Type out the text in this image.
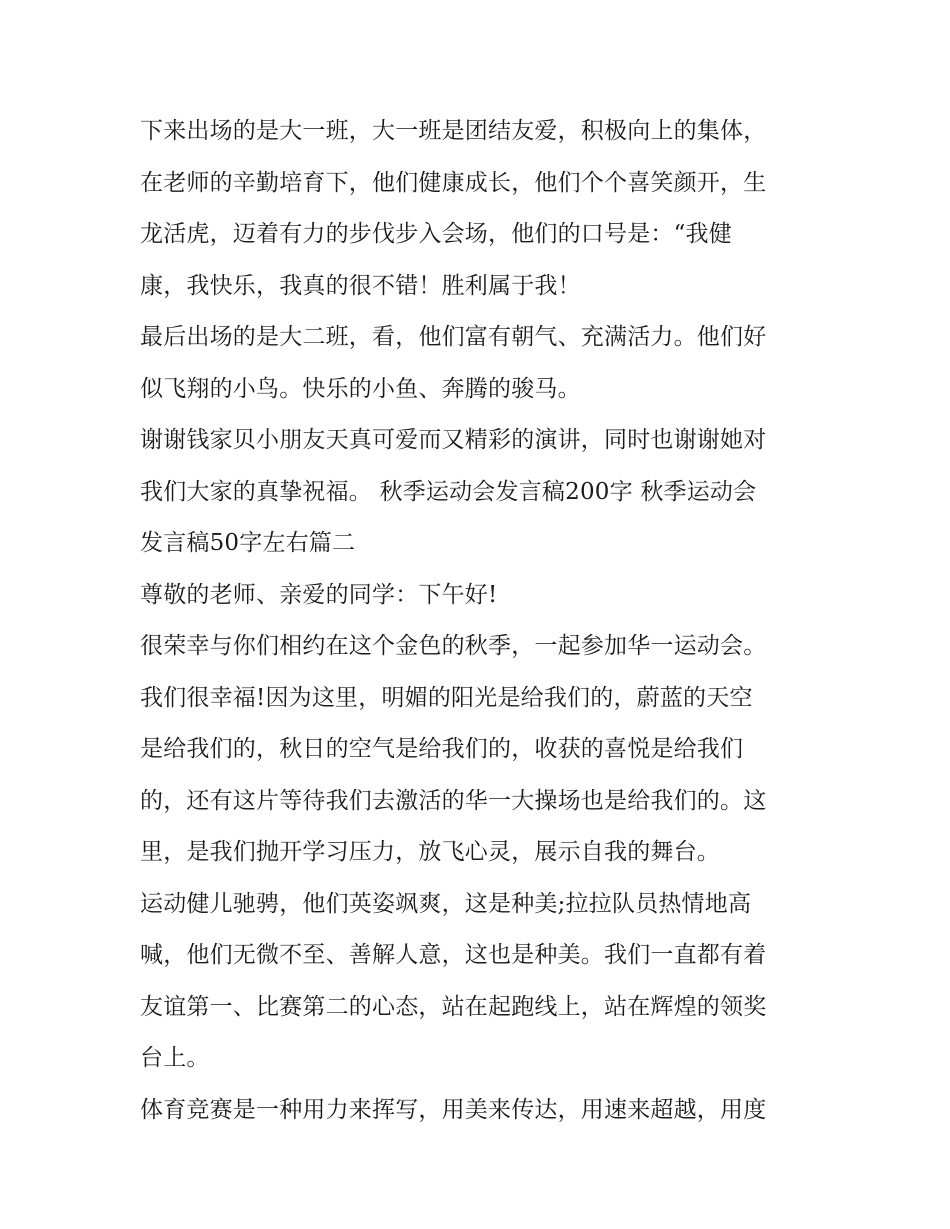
下来出场的是大一班，大一班是团结友爱，积极向上的集体，
在老师的辛勤培育下，他们健康成长，他们个个喜笑颜开，生
龙活虎，迈着有力的步伐步入会场，他们的口号是：“我健
康，我快乐，我真的很不错！胜利属于我！
最后出场的是大二班，看，他们富有朝气、充满活力。他们好
似飞翔的小鸟。快乐的小鱼、奔腾的骏马。
谢谢钱家贝小朋友天真可爱而又精彩的演讲，同时也谢谢她对
我们大家的真挚祝福。 秋季运动会发言稿200字 秋季运动会
发言稿50字左右篇二
尊敬的老师、亲爱的同学：下午好!
很荣幸与你们相约在这个金色的秋季，一起参加华一运动会。
我们很幸福!因为这里，明媚的阳光是给我们的，蔚蓝的天空
是给我们的，秋日的空气是给我们的，收获的喜悦是给我们
的，还有这片等待我们去激活的华一大操场也是给我们的。这
里，是我们抛开学习压力，放飞心灵，展示自我的舞台。
运动健儿驰骋，他们英姿飒爽，这是种美;拉拉队员热情地高
喊，他们无微不至、善解人意，这也是种美。我们一直都有着
友谊第一、比赛第二的心态，站在起跑线上，站在辉煌的领奖
台上。
体育竞赛是一种用力来挥写，用美来传达，用速来超越，用度
